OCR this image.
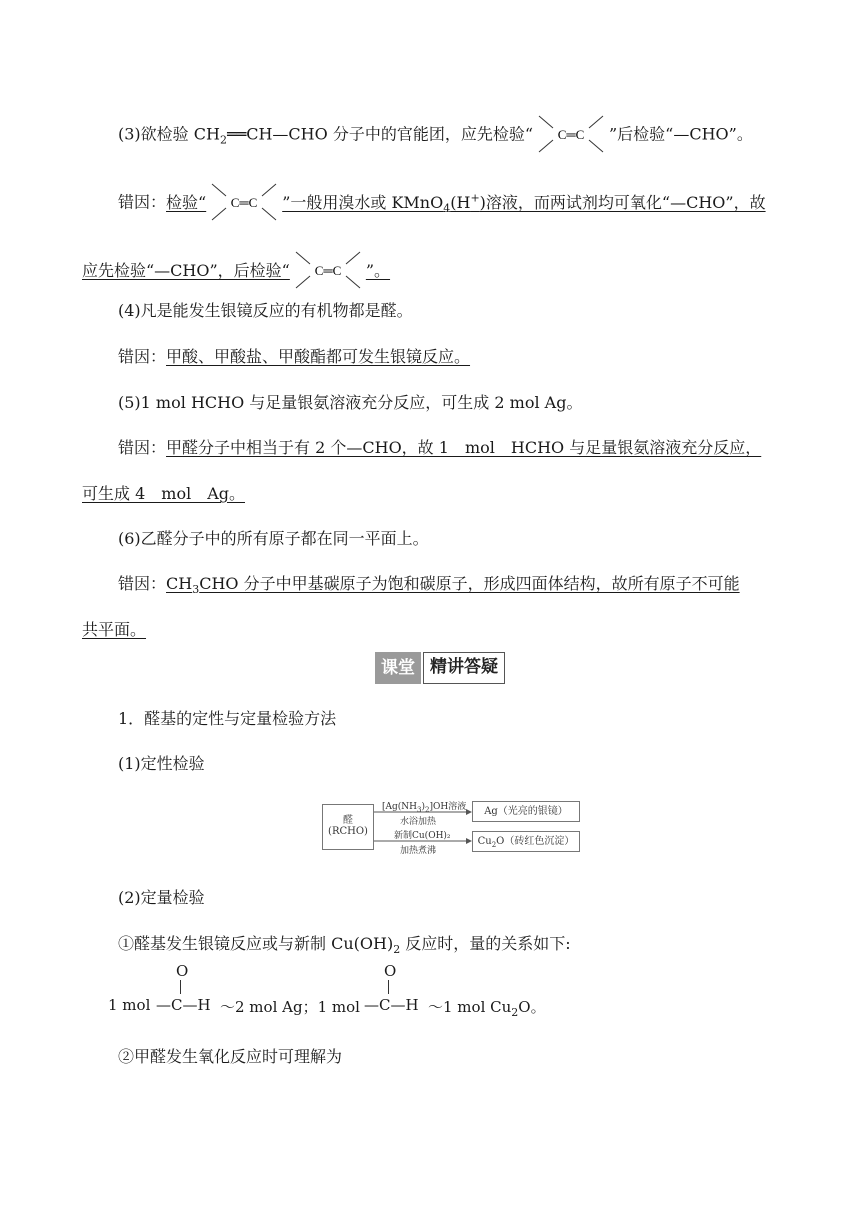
(3)欲检验 $CH_2══CH—CHO$ 分子中的官能团，应先检验“ C═C ”后检验“—CHO”。
错因：检验“ C═C ”一般用溴水或 KMnO$_4$(H+)溶液，而两试剂均可氧化“—CHO”，故
应先检验“—CHO”，后检验“ C═C ”。
(4)凡是能发生银镜反应的有机物都是醛。
错因：甲酸、甲酸盐、甲酸酯都可发生银镜反应。
(5)1 mol HCHO 与足量银氨溶液充分反应，可生成 2 mol Ag。
错因：甲醛分子中相当于有 2 个—CHO，故 1　mol　HCHO 与足量银氨溶液充分反应，
可生成 4　mol　Ag。
(6)乙醛分子中的所有原子都在同一平面上。
错因：$CH_3CHO$ 分子中甲基碳原子为饱和碳原子，形成四面体结构，故所有原子不可能
共平面。
课堂 精讲答疑
1．醛基的定性与定量检验方法
(1)定性检验
醛
(RCHO)
$[Ag(NH_3)_2]OH$溶液
水浴加热
新制Cu(OH)₂
加热煮沸
Ag（光亮的银镜）
$Cu_2O$（砖红色沉淀）
(2)定量检验
①醛基发生银镜反应或与新制 $Cu(OH)_2$ 反应时，量的关系如下:
O
1 mol —C—H ～2 mol Ag；1 mol
O
—C—H ～1 mol $Cu_2O$。
②甲醛发生氧化反应时可理解为
